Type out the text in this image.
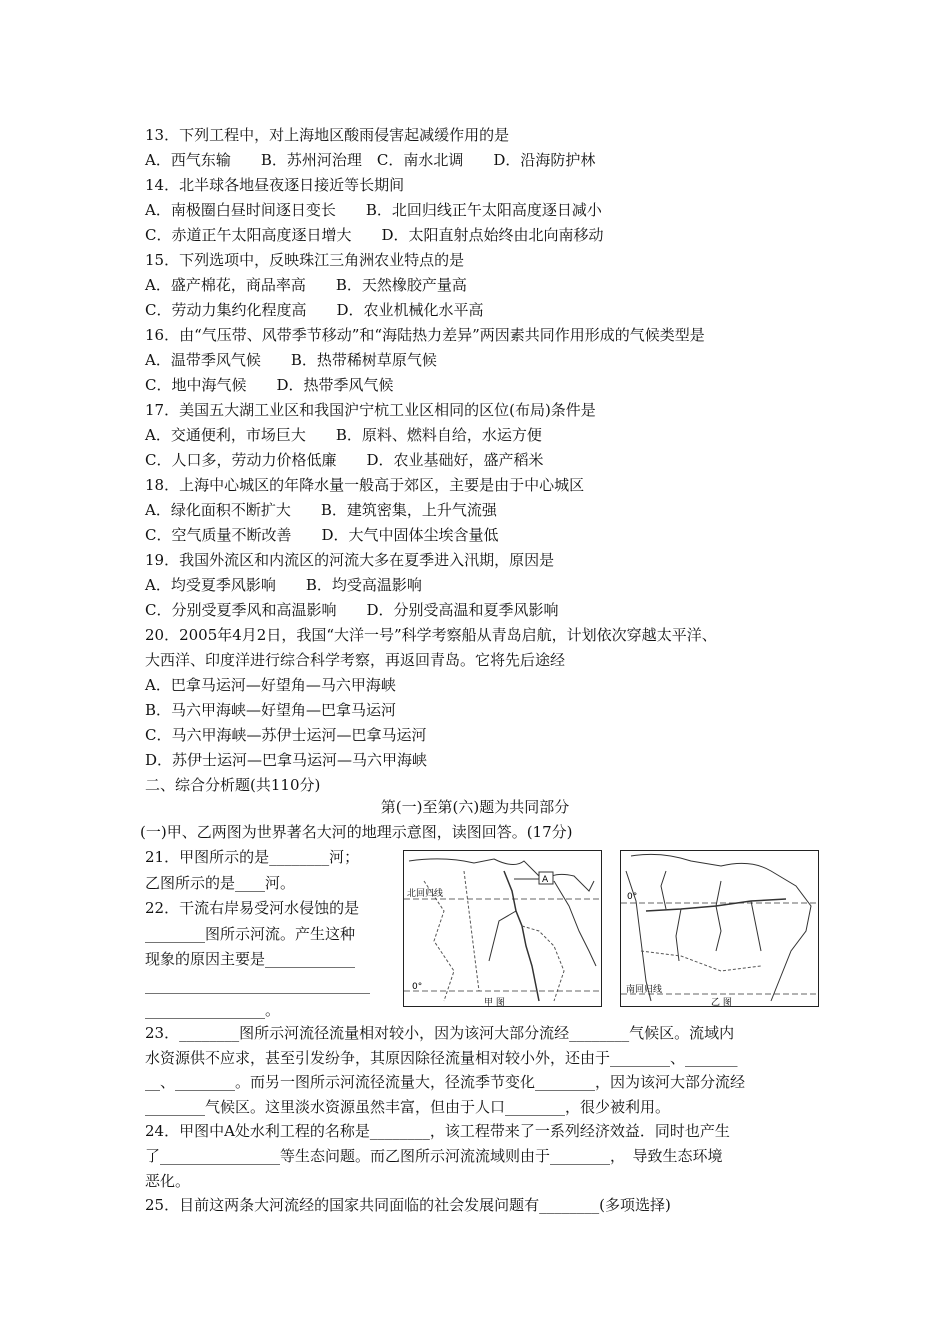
13．下列工程中，对上海地区酸雨侵害起减缓作用的是
A．西气东输　　B．苏州河治理　C．南水北调　　D．沿海防护林
14．北半球各地昼夜逐日接近等长期间
A．南极圈白昼时间逐日变长　　B．北回归线正午太阳高度逐日减小
C．赤道正午太阳高度逐日增大　　D．太阳直射点始终由北向南移动
15．下列选项中，反映珠江三角洲农业特点的是
A．盛产棉花，商品率高　　B．天然橡胶产量高
C．劳动力集约化程度高　　D．农业机械化水平高
16．由“气压带、风带季节移动”和“海陆热力差异”两因素共同作用形成的气候类型是
A．温带季风气候　　B．热带稀树草原气候
C．地中海气候　　D．热带季风气候
17．美国五大湖工业区和我国沪宁杭工业区相同的区位(布局)条件是
A．交通便利，市场巨大　　B．原料、燃料自给，水运方便
C．人口多，劳动力价格低廉　　D．农业基础好，盛产稻米
18．上海中心城区的年降水量一般高于郊区，主要是由于中心城区
A．绿化面积不断扩大　　B．建筑密集，上升气流强
C．空气质量不断改善　　D．大气中固体尘埃含量低
19．我国外流区和内流区的河流大多在夏季进入汛期，原因是
A．均受夏季风影响　　B．均受高温影响
C．分别受夏季风和高温影响　　D．分别受高温和夏季风影响
20．2005年4月2日，我国“大洋一号”科学考察船从青岛启航，计划依次穿越太平洋、
大西洋、印度洋进行综合科学考察，再返回青岛。它将先后途经
A．巴拿马运河—好望角—马六甲海峡
B．马六甲海峡—好望角—巴拿马运河
C．马六甲海峡—苏伊士运河—巴拿马运河
D．苏伊士运河—巴拿马运河—马六甲海峡
二、综合分析题(共110分)
第(一)至第(六)题为共同部分
(一)甲、乙两图为世界著名大河的地理示意图，读图回答。(17分)
21．甲图所示的是________河；
乙图所示的是____河。
22．干流右岸易受河水侵蚀的是
________图所示河流。产生这种
现象的原因主要是____________
______________________________
________________。
北回归线
0°
A
甲 图
0°
南回归线
乙 图
23．________图所示河流径流量相对较小，因为该河大部分流经________气候区。流域内
水资源供不应求，甚至引发纷争，其原因除径流量相对较小外，还由于________、_______
__、________。而另一图所示河流径流量大，径流季节变化________，因为该河大部分流经
________气候区。这里淡水资源虽然丰富，但由于人口________，很少被利用。
24．甲图中A处水利工程的名称是________，该工程带来了一系列经济效益．同时也产生
了________________等生态问题。而乙图所示河流流域则由于________，　导致生态环境
恶化。
25．目前这两条大河流经的国家共同面临的社会发展问题有________(多项选择)
